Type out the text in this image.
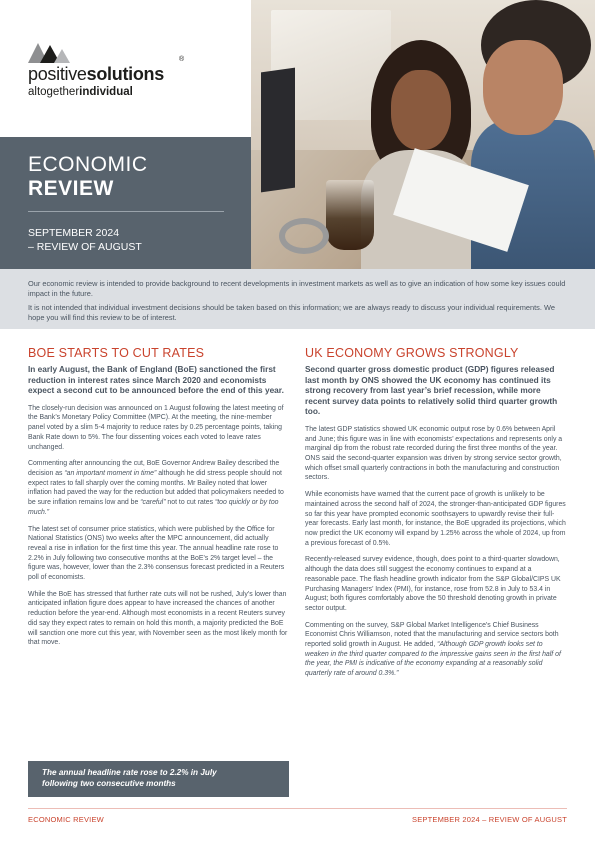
positivesolutions
®
altogetherindividual
ECONOMIC
REVIEW
SEPTEMBER 2024
– REVIEW OF AUGUST

Our economic review is intended to provide background to recent developments in investment markets as well as to give an indication of how some key issues could impact in the future.

It is not intended that individual investment decisions should be taken based on this information; we are always ready to discuss your individual requirements. We hope you will find this review to be of interest.

BOE STARTS TO CUT RATES
In early August, the Bank of England (BoE) sanctioned the first reduction in interest rates since March 2020 and economists expect a second cut to be announced before the end of this year.

The closely-run decision was announced on 1 August following the latest meeting of the Bank’s Monetary Policy Committee (MPC). At the meeting, the nine-member panel voted by a slim 5-4 majority to reduce rates by 0.25 percentage points, taking Bank Rate down to 5%. The four dissenting voices each voted to leave rates unchanged.

Commenting after announcing the cut, BoE Governor Andrew Bailey described the decision as “an important moment in time” although he did stress people should not expect rates to fall sharply over the coming months. Mr Bailey noted that lower inflation had paved the way for the reduction but added that policymakers needed to be sure inflation remains low and be “careful” not to cut rates “too quickly or by too much.”

The latest set of consumer price statistics, which were published by the Office for National Statistics (ONS) two weeks after the MPC announcement, did actually reveal a rise in inflation for the first time this year. The annual headline rate rose to 2.2% in July following two consecutive months at the BoE’s 2% target level – the figure was, however, lower than the 2.3% consensus forecast predicted in a Reuters poll of economists.

While the BoE has stressed that further rate cuts will not be rushed, July’s lower than anticipated inflation figure does appear to have increased the chances of another reduction before the year-end. Although most economists in a recent Reuters survey did say they expect rates to remain on hold this month, a majority predicted the BoE will sanction one more cut this year, with November seen as the most likely month for that move.

The annual headline rate rose to 2.2% in July
following two consecutive months
UK ECONOMY GROWS STRONGLY
Second quarter gross domestic product (GDP) figures released last month by ONS showed the UK economy has continued its strong recovery from last year’s brief recession, while more recent survey data points to relatively solid third quarter growth too.

The latest GDP statistics showed UK economic output rose by 0.6% between April and June; this figure was in line with economists’ expectations and represents only a marginal dip from the robust rate recorded during the first three months of the year. ONS said the second-quarter expansion was driven by strong service sector growth, which offset small quarterly contractions in both the manufacturing and construction sectors.

While economists have warned that the current pace of growth is unlikely to be maintained across the second half of 2024, the stronger-than-anticipated GDP figures so far this year have prompted economic soothsayers to upwardly revise their full-year forecasts. Early last month, for instance, the BoE upgraded its projections, which now predict the UK economy will expand by 1.25% across the whole of 2024, up from a previous forecast of 0.5%.

Recently-released survey evidence, though, does point to a third-quarter slowdown, although the data does still suggest the economy continues to expand at a reasonable pace. The flash headline growth indicator from the S&P Global/CIPS UK Purchasing Managers’ Index (PMI), for instance, rose from 52.8 in July to 53.4 in August; both figures comfortably above the 50 threshold denoting growth in private sector output.

Commenting on the survey, S&P Global Market Intelligence’s Chief Business Economist Chris Williamson, noted that the manufacturing and service sectors both reported solid growth in August. He added, “Although GDP growth looks set to weaken in the third quarter compared to the impressive gains seen in the first half of the year, the PMI is indicative of the economy expanding at a reasonably solid quarterly rate of around 0.3%.”

ECONOMIC REVIEW	SEPTEMBER 2024 – REVIEW OF AUGUST
